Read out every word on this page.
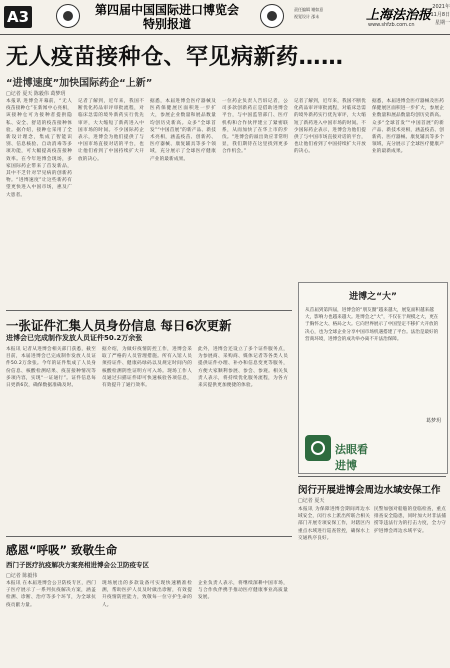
A3	第四届中国国际进口博览会
特别报道
责任编辑 谢如意
视觉设计 邵未	上海法治报
www.shfzb.com.cn
2021年
11月8日
星期一
无人疫苗接种仓、罕见病新药……
“进博速度”加快国际药企“上新”
□记者 夏天 陈毅伟 葛梦玥
本报讯 进博会开幕前，“无人疫苗接种仓”在新闻中心亮相，该接种仓可为接种者提供隐私、安全、舒适的疫苗接种体验。据介绍，接种仓采用了全新设计理念，集成了智能识别、信息核验、自动消毒等多项功能，可大幅提高疫苗接种效率。在今年进博会现场，多家国际药企带来了首发新品，其中不乏针对罕见病的创新药物。“进博速度”让这些新药有望更快进入中国市场，惠及广大患者。
记者了解到，近年来，我国不断优化药品审评审批流程，对临床急需的境外新药实行优先审评，大大缩短了新药进入中国市场的时间。不少国际药企表示，进博会为他们提供了与中国市场直接对话的平台，也让他们看到了中国持续扩大开放的决心。
据悉，本届进博会医疗器械及医药保健展区面积进一步扩大，参展企业数量和展品数量均创历史新高。众多“全球首发”“中国首展”的新产品、新技术亮相，涵盖疫苗、创新药、医疗器械、康复辅具等多个领域，充分展示了全球医疗健康产业的最新成果。
一位药企负责人告诉记者，公司多款创新药正是借助进博会平台，与中国监管部门、医疗机构和合作伙伴建立了紧密联系，从而加快了在华上市的步伐。“进博会的溢出效应非常明显，我们期待在这里找到更多合作机会。”
记者了解到，近年来，我国不断优化药品审评审批流程，对临床急需的境外新药实行优先审评，大大缩短了新药进入中国市场的时间。不少国际药企表示，进博会为他们提供了与中国市场直接对话的平台，也让他们看到了中国持续扩大开放的决心。
据悉，本届进博会医疗器械及医药保健展区面积进一步扩大，参展企业数量和展品数量均创历史新高。众多“全球首发”“中国首展”的新产品、新技术亮相，涵盖疫苗、创新药、医疗器械、康复辅具等多个领域，充分展示了全球医疗健康产业的最新成果。
一张证件汇集人员身份信息 每日6次更新
进博会已完成制作发放人员证件50.2万余张
本报讯 记者从进博会相关部门获悉，截至目前，本届进博会已完成制作发放人员证件50.2万余张。今年的证件集成了人员身份信息、核酸检测结果、疫苗接种情况等多项内容，实现“一证通行”。证件信息每日更新6次，确保数据准确及时。
据介绍，为做好疫情防控工作，进博会采取了严格的人员管理措施。所有入馆人员须持证件、健康码绿码以及规定时间内的核酸检测阴性证明方可入场。现场工作人员通过扫描证件即可快速核验各项信息，有效提升了通行效率。
此外，进博会还设立了多个证件服务点，为参展商、采购商、媒体记者等各类人员提供证件办理、补办和信息变更等服务，方便大家顺利参展、参会、参观。相关负责人表示，将持续优化服务流程，为各方来宾提供更加便捷的体验。
进博之“大”
从首届到第四届，进博会的“朋友圈”越来越大，展览面积越来越大，影响力也越来越大。进博会之“大”，不仅在于规模之大，更在于胸怀之大、格局之大。它向世界展示了中国坚定不移扩大开放的决心，也为全球企业分享中国市场机遇搭建了平台。法治是最好的营商环境，进博会的成功举办离不开法治保障。
葛梦玥
法眼看进博
闵行开展进博会周边水域安保工作
□记者 夏天
本报讯 为保障进博会期间周边水域安全，闵行水上派出所联合相关部门开展专项安保工作，对辖区内重点水域进行巡查管控，确保水上交通秩序良好。
民警加强对船舶的登临检查，重点排查安全隐患，同时加大对非法捕捞等违法行为的打击力度，全力守护进博会周边水域平安。
感恩“呼吸” 致敬生命
西门子医疗抗疫解决方案亮相进博会公卫防疫专区
□记者 陈毅伟
本报讯 在本届进博会公卫防疫专区，西门子医疗展示了一系列抗疫解决方案，涵盖检测、诊断、治疗等多个环节，为全球抗疫贡献力量。
现场展出的多款设备可实现快速精准检测，帮助医护人员及时做出诊断，有效提升疫情防控能力，致敬每一位守护生命的人。
企业负责人表示，将继续深耕中国市场，与合作伙伴携手推动医疗健康事业高质量发展。
